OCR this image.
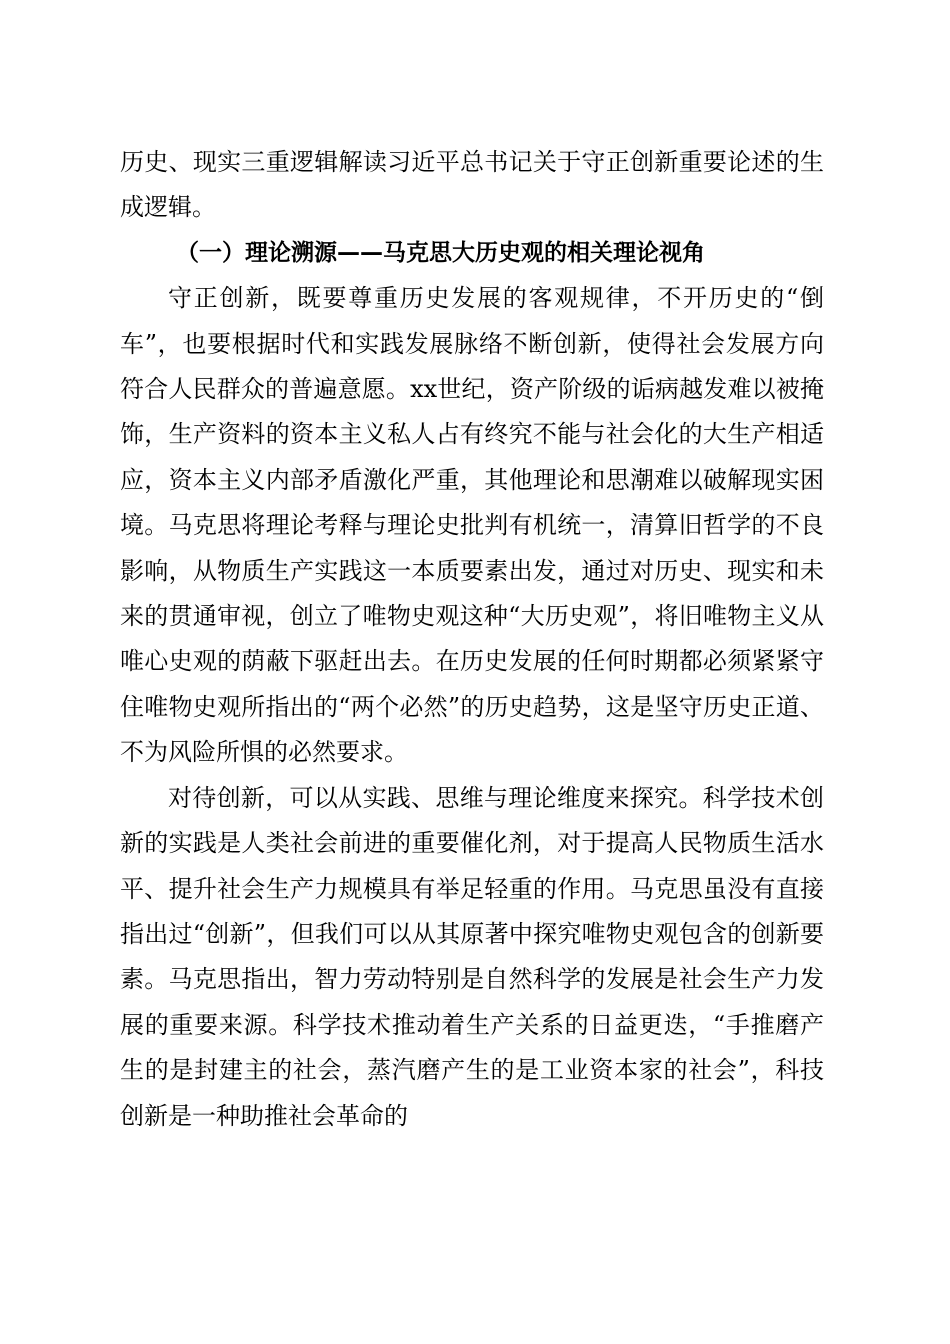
历史、现实三重逻辑解读习近平总书记关于守正创新重要论述的生成逻辑。

（一）理论溯源——马克思大历史观的相关理论视角

守正创新，既要尊重历史发展的客观规律，不开历史的“倒车”，也要根据时代和实践发展脉络不断创新，使得社会发展方向符合人民群众的普遍意愿。xx世纪，资产阶级的诟病越发难以被掩饰，生产资料的资本主义私人占有终究不能与社会化的大生产相适应，资本主义内部矛盾激化严重，其他理论和思潮难以破解现实困境。马克思将理论考释与理论史批判有机统一，清算旧哲学的不良影响，从物质生产实践这一本质要素出发，通过对历史、现实和未来的贯通审视，创立了唯物史观这种“大历史观”，将旧唯物主义从唯心史观的荫蔽下驱赶出去。在历史发展的任何时期都必须紧紧守住唯物史观所指出的“两个必然”的历史趋势，这是坚守历史正道、不为风险所惧的必然要求。

对待创新，可以从实践、思维与理论维度来探究。科学技术创新的实践是人类社会前进的重要催化剂，对于提高人民物质生活水平、提升社会生产力规模具有举足轻重的作用。马克思虽没有直接指出过“创新”，但我们可以从其原著中探究唯物史观包含的创新要素。马克思指出，智力劳动特别是自然科学的发展是社会生产力发展的重要来源。科学技术推动着生产关系的日益更迭，“手推磨产生的是封建主的社会，蒸汽磨产生的是工业资本家的社会”，科技创新是一种助推社会革命的
